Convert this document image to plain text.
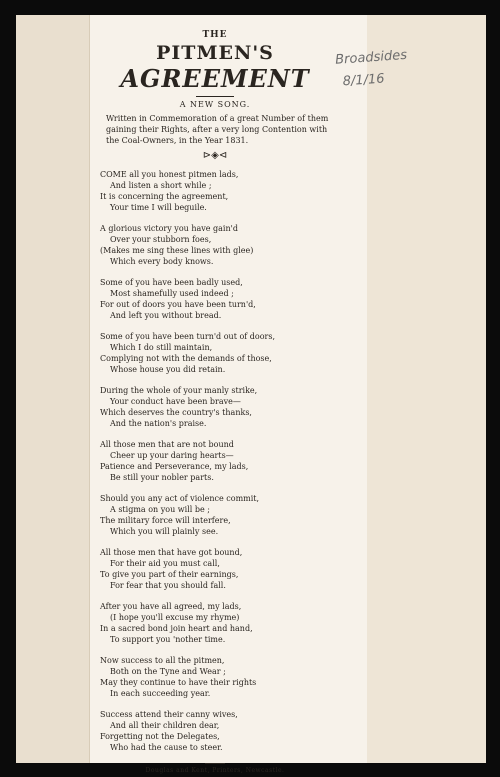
Broadsides
8/1/16

THE

PITMEN'S

AGREEMENT

A NEW SONG.

Written in Commemoration of a great Number of them gaining their Rights, after a very long Contention with the Coal-Owners, in the Year 1831.

⊳◈⊲

COME all you honest pitmen lads,

And listen a short while ;

It is concerning the agreement,

Your time I will beguile.

A glorious victory you have gain'd

Over your stubborn foes,

(Makes me sing these lines with glee)

Which every body knows.

Some of you have been badly used,

Most shamefully used indeed ;

For out of doors you have been turn'd,

And left you without bread.

Some of you have been turn'd out of doors,

Which I do still maintain,

Complying not with the demands of those,

Whose house you did retain.

During the whole of your manly strike,

Your conduct have been brave—

Which deserves the country's thanks,

And the nation's praise.

All those men that are not bound

Cheer up your daring hearts—

Patience and Perseverance, my lads,

Be still your nobler parts.

Should you any act of violence commit,

A stigma on you will be ;

The military force will interfere,

Which you will plainly see.

All those men that have got bound,

For their aid you must call,

To give you part of their earnings,

For fear that you should fall.

After you have all agreed, my lads,

(I hope you'll excuse my rhyme)

In a sacred bond join heart and hand,

To support you 'nother time.

Now success to all the pitmen,

Both on the Tyne and Wear ;

May they continue to have their rights

In each succeeding year.

Success attend their canny wives,

And all their children dear,

Forgetting not the Delegates,

Who had the cause to steer.

Douglas and Kent, Printers, Newcastle.
